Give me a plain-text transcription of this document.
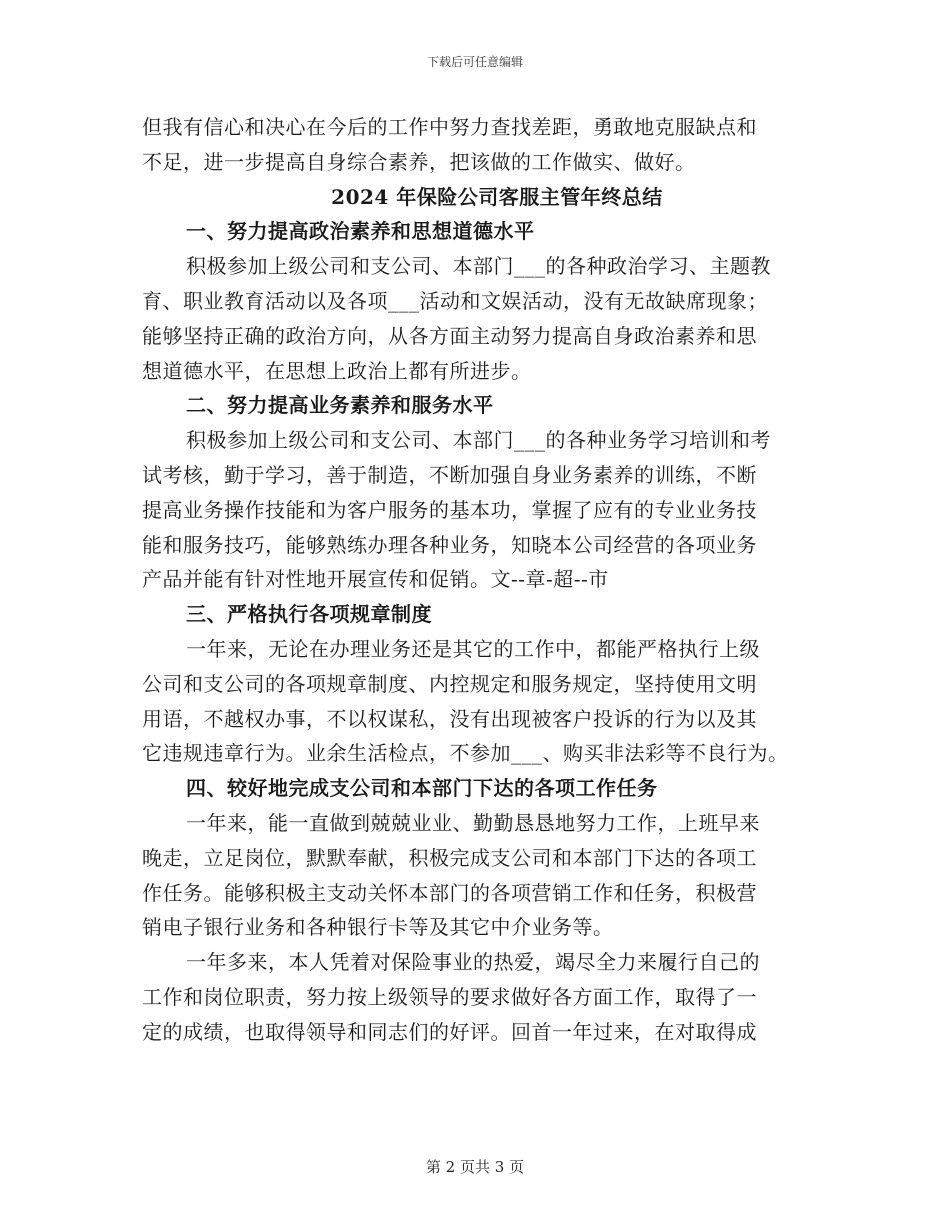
下载后可任意编辑
但我有信心和决心在今后的工作中努力查找差距，勇敢地克服缺点和
不足，进一步提高自身综合素养，把该做的工作做实、做好。
2024 年保险公司客服主管年终总结
一、努力提高政治素养和思想道德水平
积极参加上级公司和支公司、本部门___的各种政治学习、主题教
育、职业教育活动以及各项___活动和文娱活动，没有无故缺席现象；
能够坚持正确的政治方向，从各方面主动努力提高自身政治素养和思
想道德水平，在思想上政治上都有所进步。
二、努力提高业务素养和服务水平
积极参加上级公司和支公司、本部门___的各种业务学习培训和考
试考核，勤于学习，善于制造，不断加强自身业务素养的训练，不断
提高业务操作技能和为客户服务的基本功，掌握了应有的专业业务技
能和服务技巧，能够熟练办理各种业务，知晓本公司经营的各项业务
产品并能有针对性地开展宣传和促销。文--章-超--市
三、严格执行各项规章制度
一年来，无论在办理业务还是其它的工作中，都能严格执行上级
公司和支公司的各项规章制度、内控规定和服务规定，坚持使用文明
用语，不越权办事，不以权谋私，没有出现被客户投诉的行为以及其
它违规违章行为。业余生活检点，不参加___、购买非法彩等不良行为。
四、较好地完成支公司和本部门下达的各项工作任务
一年来，能一直做到兢兢业业、勤勤恳恳地努力工作，上班早来
晚走，立足岗位，默默奉献，积极完成支公司和本部门下达的各项工
作任务。能够积极主支动关怀本部门的各项营销工作和任务，积极营
销电子银行业务和各种银行卡等及其它中介业务等。
一年多来，本人凭着对保险事业的热爱，竭尽全力来履行自己的
工作和岗位职责，努力按上级领导的要求做好各方面工作，取得了一
定的成绩，也取得领导和同志们的好评。回首一年过来，在对取得成
第 2 页共 3 页
